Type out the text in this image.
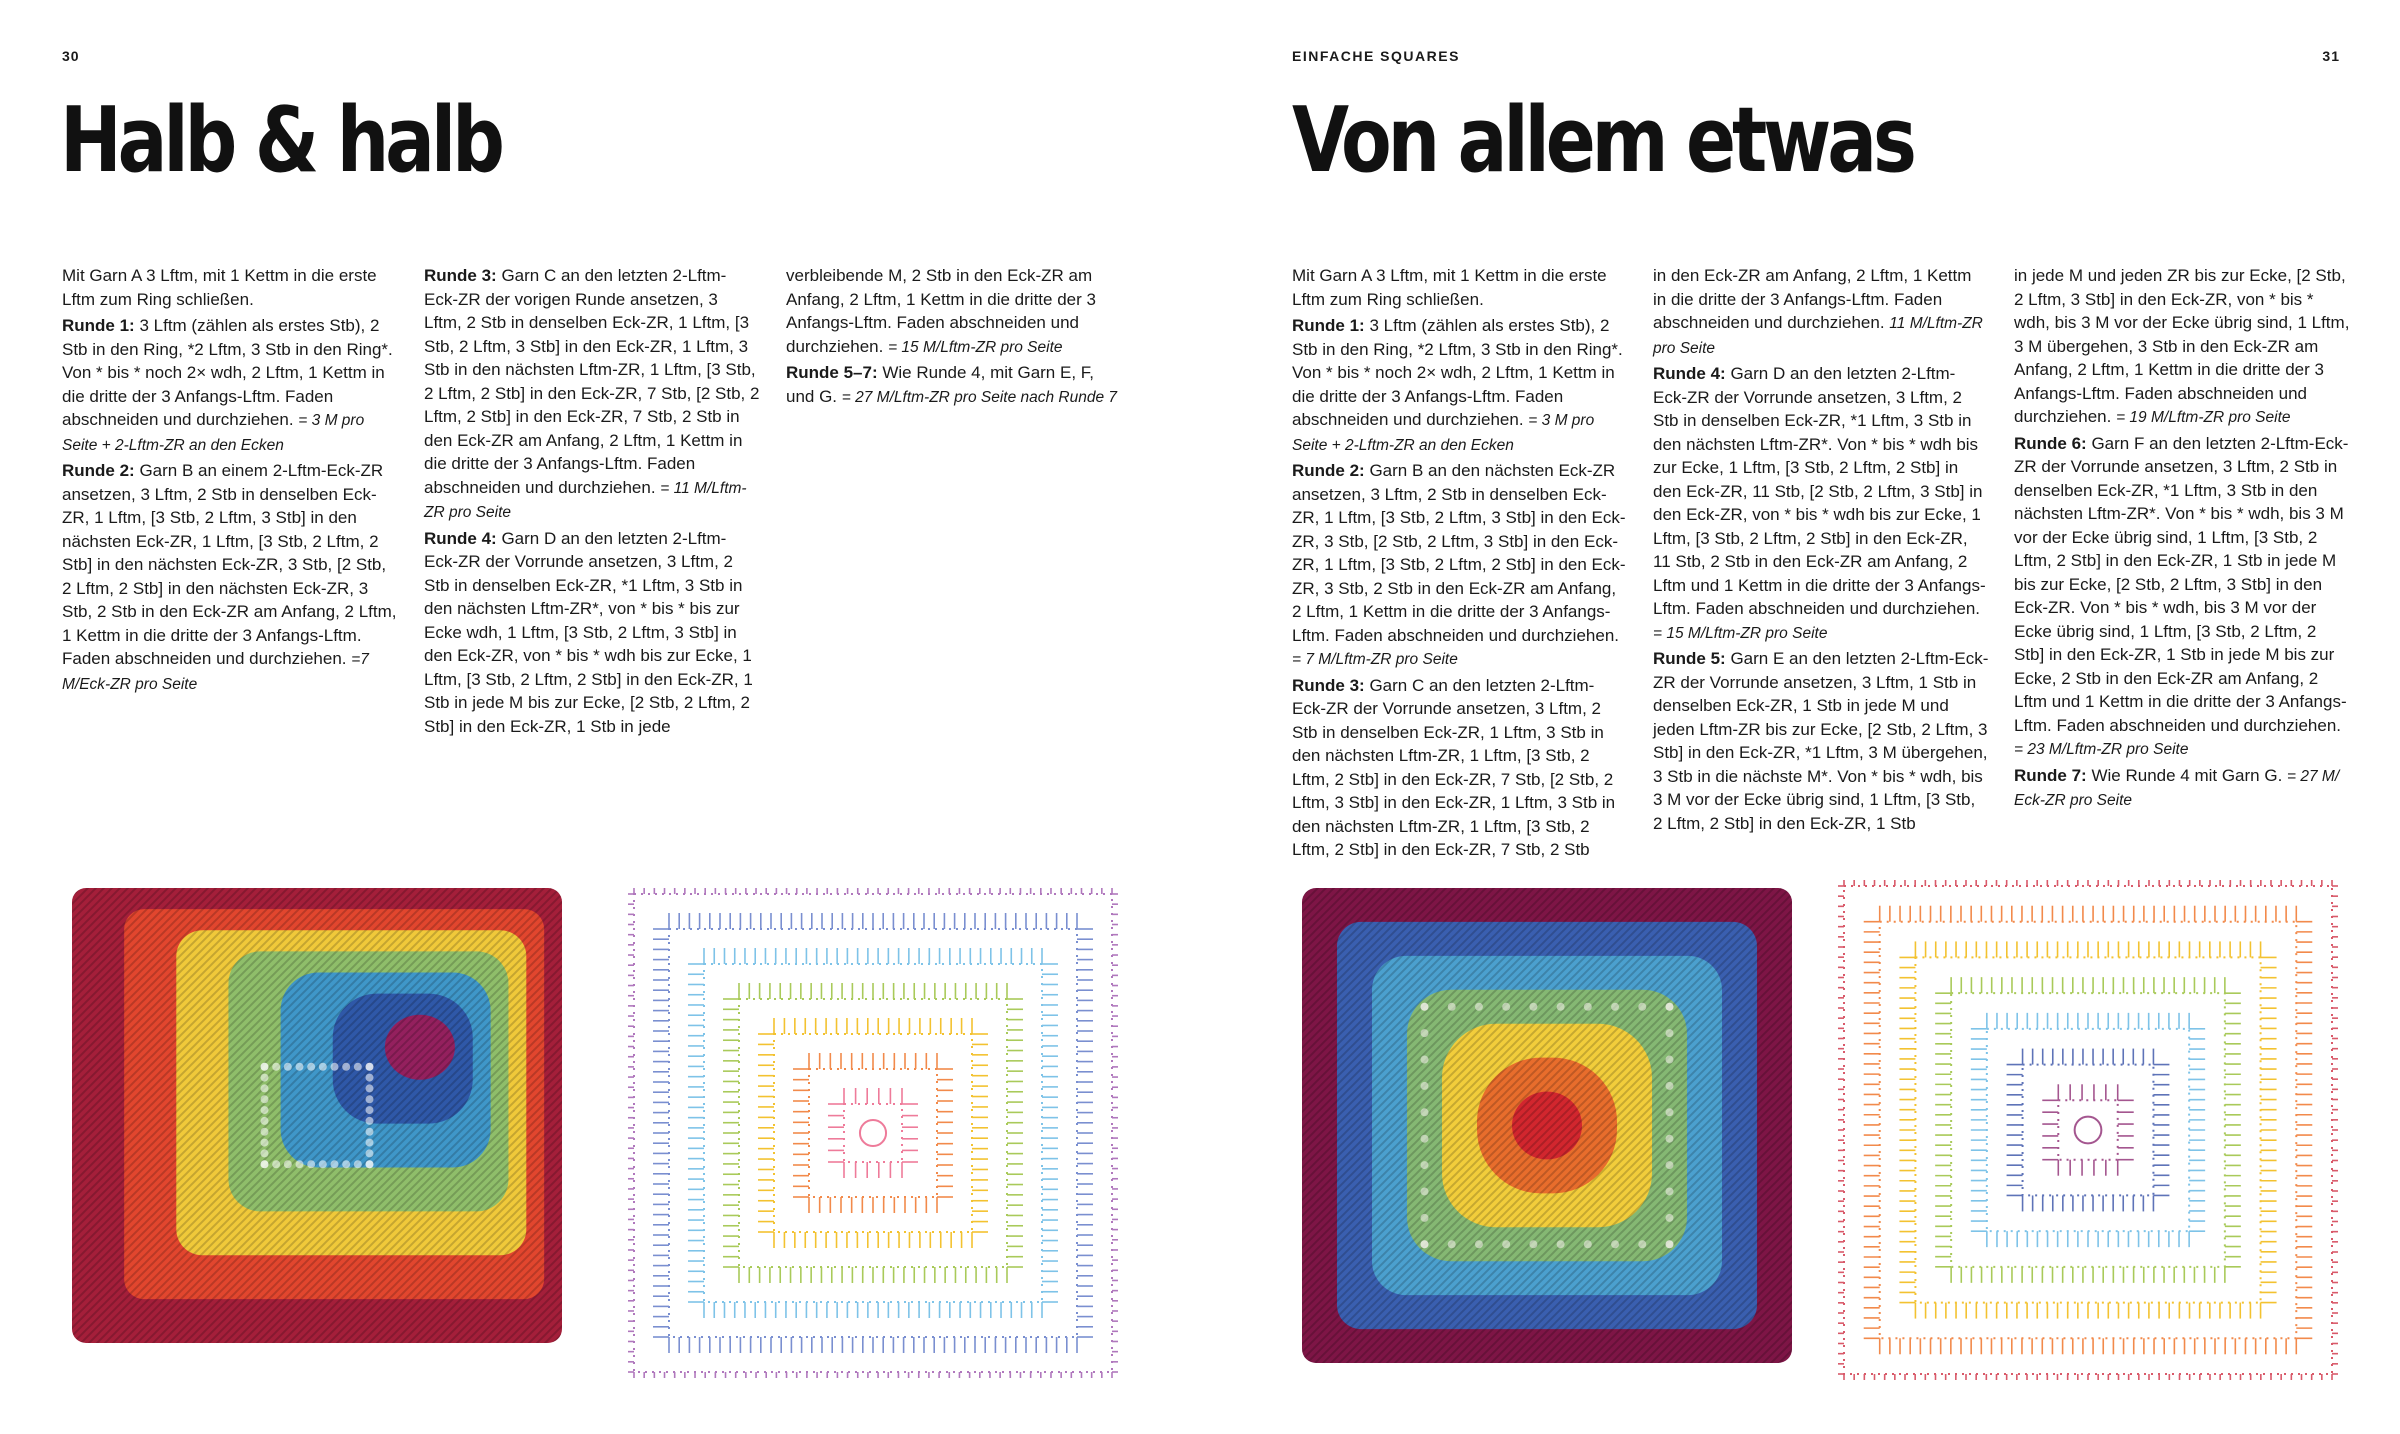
30
Halb & halb

Mit Garn A 3 Lftm, mit 1 Kettm in die erste Lftm zum Ring schließen.

Runde 1: 3 Lftm (zählen als erstes Stb), 2 Stb in den Ring, *2 Lftm, 3 Stb in den Ring*. Von * bis * noch 2× wdh, 2 Lftm, 1 Kettm in die dritte der 3 Anfangs-Lftm. Faden abschneiden und durchziehen. = 3 M pro Seite + 2-Lftm-ZR an den Ecken

Runde 2: Garn B an einem 2-Lftm-Eck-ZR ansetzen, 3 Lftm, 2 Stb in denselben Eck-ZR, 1 Lftm, [3 Stb, 2 Lftm, 3 Stb] in den nächsten Eck-ZR, 1 Lftm, [3 Stb, 2 Lftm, 2 Stb] in den nächsten Eck-ZR, 3 Stb, [2 Stb, 2 Lftm, 2 Stb] in den nächsten Eck-ZR, 3 Stb, 2 Stb in den Eck-ZR am Anfang, 2 Lftm, 1 Kettm in die dritte der 3 Anfangs-Lftm. Faden abschneiden und durchziehen. =7 M/Eck-ZR pro Seite

Runde 3: Garn C an den letzten 2-Lftm-Eck-ZR der vorigen Runde ansetzen, 3 Lftm, 2 Stb in denselben Eck-ZR, 1 Lftm, [3 Stb, 2 Lftm, 3 Stb] in den Eck-ZR, 1 Lftm, 3 Stb in den nächsten Lftm-ZR, 1 Lftm, [3 Stb, 2 Lftm, 2 Stb] in den Eck-ZR, 7 Stb, [2 Stb, 2 Lftm, 2 Stb] in den Eck-ZR, 7 Stb, 2 Stb in den Eck-ZR am Anfang, 2 Lftm, 1 Kettm in die dritte der 3 Anfangs-Lftm. Faden abschneiden und durchziehen. = 11 M/Lftm-ZR pro Seite

Runde 4: Garn D an den letzten 2-Lftm-Eck-ZR der Vorrunde ansetzen, 3 Lftm, 2 Stb in denselben Eck-ZR, *1 Lftm, 3 Stb in den nächsten Lftm-ZR*, von * bis * bis zur Ecke wdh, 1 Lftm, [3 Stb, 2 Lftm, 3 Stb] in den Eck-ZR, von * bis * wdh bis zur Ecke, 1 Lftm, [3 Stb, 2 Lftm, 2 Stb] in den Eck-ZR, 1 Stb in jede M bis zur Ecke, [2 Stb, 2 Lftm, 2 Stb] in den Eck-ZR, 1 Stb in jede

verbleibende M, 2 Stb in den Eck-ZR am Anfang, 2 Lftm, 1 Kettm in die dritte der 3 Anfangs-Lftm. Faden abschneiden und durchziehen. = 15 M/Lftm-ZR pro Seite

Runde 5–7: Wie Runde 4, mit Garn E, F, und G. = 27 M/Lftm-ZR pro Seite nach Runde 7

EINFACHE SQUARES	31
Von allem etwas

Mit Garn A 3 Lftm, mit 1 Kettm in die erste Lftm zum Ring schließen.

Runde 1: 3 Lftm (zählen als erstes Stb), 2 Stb in den Ring, *2 Lftm, 3 Stb in den Ring*. Von * bis * noch 2× wdh, 2 Lftm, 1 Kettm in die dritte der 3 Anfangs-Lftm. Faden abschneiden und durchziehen. = 3 M pro Seite + 2-Lftm-ZR an den Ecken

Runde 2: Garn B an den nächsten Eck-ZR ansetzen, 3 Lftm, 2 Stb in denselben Eck-ZR, 1 Lftm, [3 Stb, 2 Lftm, 3 Stb] in den Eck-ZR, 3 Stb, [2 Stb, 2 Lftm, 3 Stb] in den Eck-ZR, 1 Lftm, [3 Stb, 2 Lftm, 2 Stb] in den Eck-ZR, 3 Stb, 2 Stb in den Eck-ZR am Anfang, 2 Lftm, 1 Kettm in die dritte der 3 Anfangs-Lftm. Faden abschneiden und durchziehen. = 7 M/Lftm-ZR pro Seite

Runde 3: Garn C an den letzten 2-Lftm-Eck-ZR der Vorrunde ansetzen, 3 Lftm, 2 Stb in denselben Eck-ZR, 1 Lftm, 3 Stb in den nächsten Lftm-ZR, 1 Lftm, [3 Stb, 2 Lftm, 2 Stb] in den Eck-ZR, 7 Stb, [2 Stb, 2 Lftm, 3 Stb] in den Eck-ZR, 1 Lftm, 3 Stb in den nächsten Lftm-ZR, 1 Lftm, [3 Stb, 2 Lftm, 2 Stb] in den Eck-ZR, 7 Stb, 2 Stb

in den Eck-ZR am Anfang, 2 Lftm, 1 Kettm in die dritte der 3 Anfangs-Lftm. Faden abschneiden und durchziehen. 11 M/Lftm-ZR pro Seite

Runde 4: Garn D an den letzten 2-Lftm-Eck-ZR der Vorrunde ansetzen, 3 Lftm, 2 Stb in denselben Eck-ZR, *1 Lftm, 3 Stb in den nächsten Lftm-ZR*. Von * bis * wdh bis zur Ecke, 1 Lftm, [3 Stb, 2 Lftm, 2 Stb] in den Eck-ZR, 11 Stb, [2 Stb, 2 Lftm, 3 Stb] in den Eck-ZR, von * bis * wdh bis zur Ecke, 1 Lftm, [3 Stb, 2 Lftm, 2 Stb] in den Eck-ZR, 11 Stb, 2 Stb in den Eck-ZR am Anfang, 2 Lftm und 1 Kettm in die dritte der 3 Anfangs-Lftm. Faden abschneiden und durchziehen. = 15 M/Lftm-ZR pro Seite

Runde 5: Garn E an den letzten 2-Lftm-Eck-ZR der Vorrunde ansetzen, 3 Lftm, 1 Stb in denselben Eck-ZR, 1 Stb in jede M und jeden Lftm-ZR bis zur Ecke, [2 Stb, 2 Lftm, 3 Stb] in den Eck-ZR, *1 Lftm, 3 M übergehen, 3 Stb in die nächste M*. Von * bis * wdh, bis 3 M vor der Ecke übrig sind, 1 Lftm, [3 Stb, 2 Lftm, 2 Stb] in den Eck-ZR, 1 Stb

in jede M und jeden ZR bis zur Ecke, [2 Stb, 2 Lftm, 3 Stb] in den Eck-ZR, von * bis * wdh, bis 3 M vor der Ecke übrig sind, 1 Lftm, 3 M übergehen, 3 Stb in den Eck-ZR am Anfang, 2 Lftm, 1 Kettm in die dritte der 3 Anfangs-Lftm. Faden abschneiden und durchziehen. = 19 M/Lftm-ZR pro Seite

Runde 6: Garn F an den letzten 2-Lftm-Eck-ZR der Vorrunde ansetzen, 3 Lftm, 2 Stb in denselben Eck-ZR, *1 Lftm, 3 Stb in den nächsten Lftm-ZR*. Von * bis * wdh, bis 3 M vor der Ecke übrig sind, 1 Lftm, [3 Stb, 2 Lftm, 2 Stb] in den Eck-ZR, 1 Stb in jede M bis zur Ecke, [2 Stb, 2 Lftm, 3 Stb] in den Eck-ZR. Von * bis * wdh, bis 3 M vor der Ecke übrig sind, 1 Lftm, [3 Stb, 2 Lftm, 2 Stb] in den Eck-ZR, 1 Stb in jede M bis zur Ecke, 2 Stb in den Eck-ZR am Anfang, 2 Lftm und 1 Kettm in die dritte der 3 Anfangs-Lftm. Faden abschneiden und durchziehen. = 23 M/Lftm-ZR pro Seite

Runde 7: Wie Runde 4 mit Garn G. = 27 M/ Eck-ZR pro Seite
